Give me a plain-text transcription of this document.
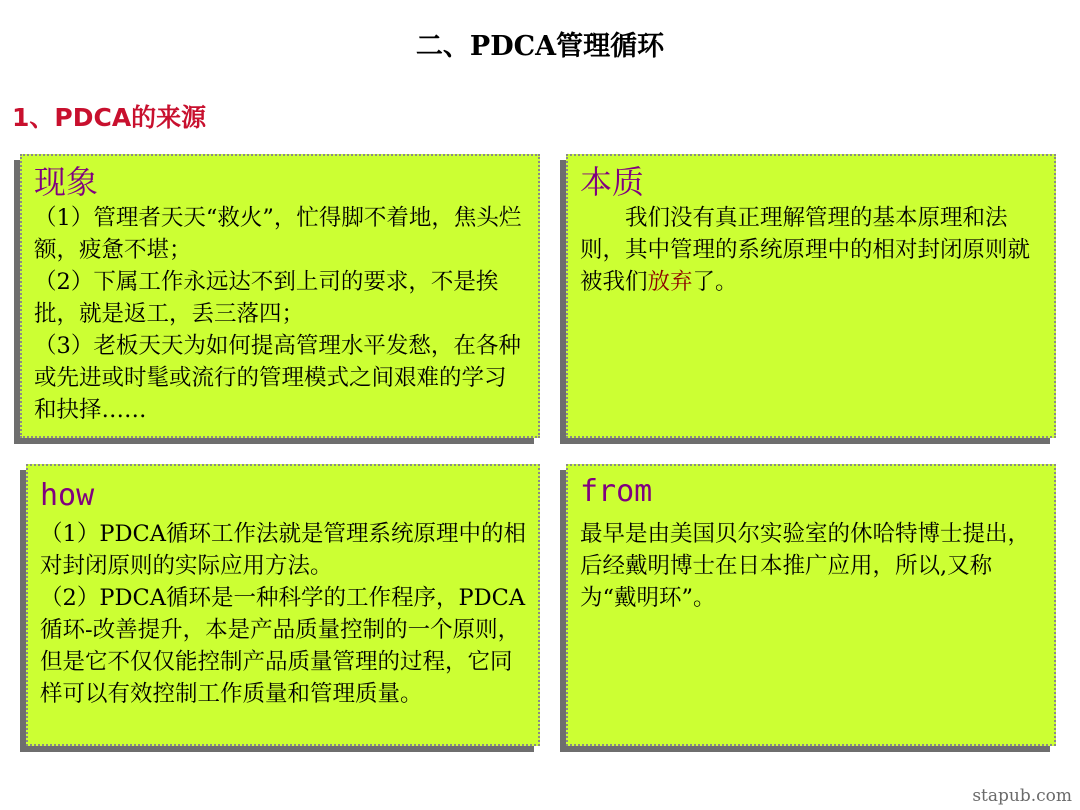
二、PDCA管理循环
1、PDCA的来源
现象

（1）管理者天天“救火”，忙得脚不着地，焦头烂额，疲惫不堪；

（2）下属工作永远达不到上司的要求，不是挨批，就是返工，丢三落四；

（3）老板天天为如何提高管理水平发愁，在各种或先进或时髦或流行的管理模式之间艰难的学习和抉择……

本质

我们没有真正理解管理的基本原理和法则，其中管理的系统原理中的相对封闭原则就被我们放弃了。

how

（1）PDCA循环工作法就是管理系统原理中的相对封闭原则的实际应用方法。

（2）PDCA循环是一种科学的工作程序，PDCA循环-改善提升，本是产品质量控制的一个原则，但是它不仅仅能控制产品质量管理的过程，它同样可以有效控制工作质量和管理质量。

from

最早是由美国贝尔实验室的休哈特博士提出，后经戴明博士在日本推广应用，所以,又称为“戴明环”。

stapub.com
